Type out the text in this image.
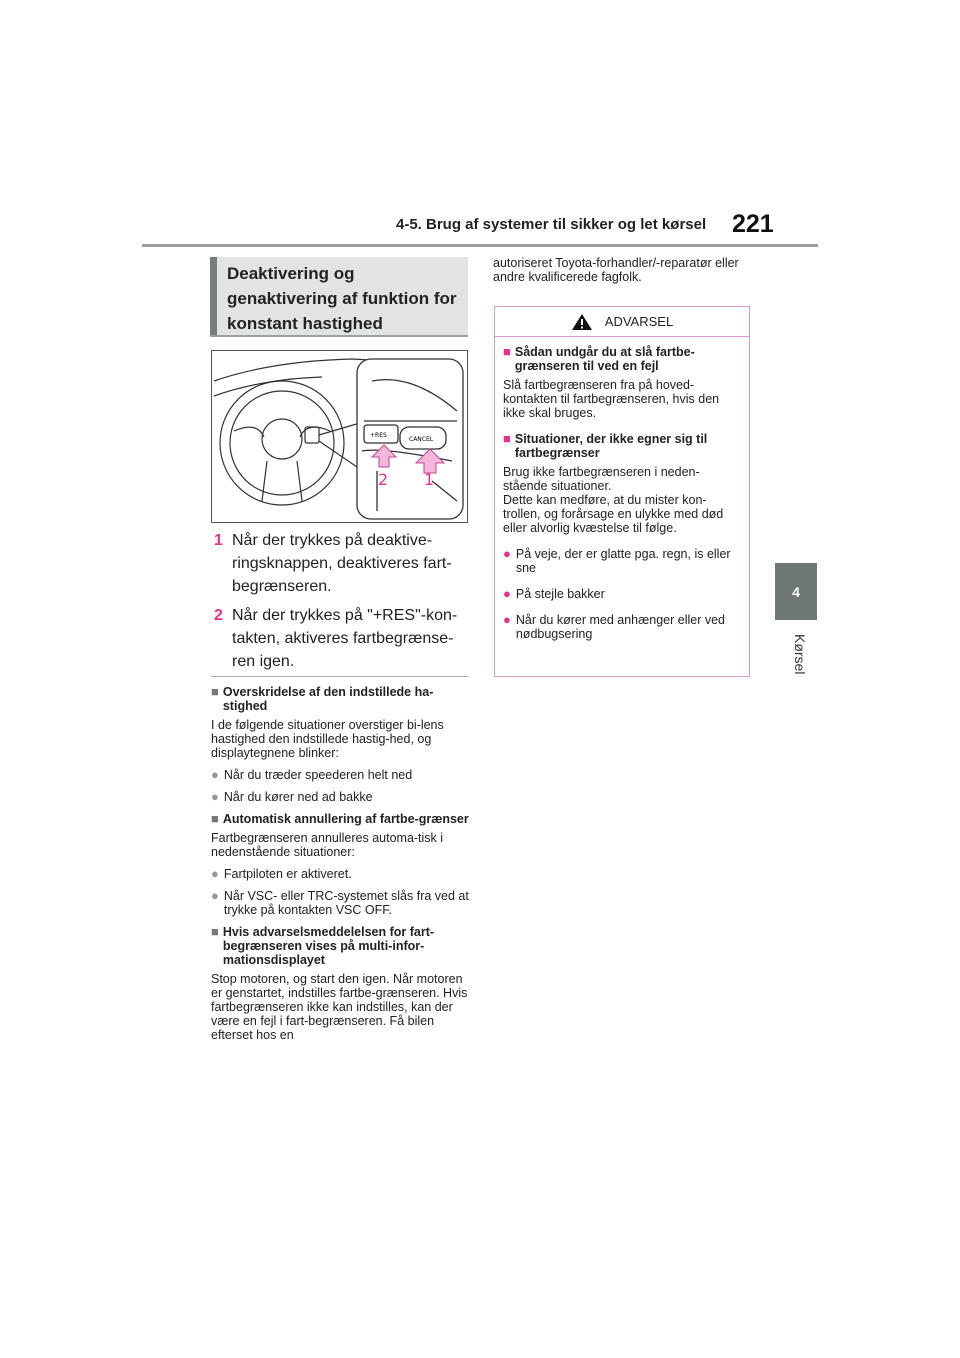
4-5. Brug af systemer til sikker og let kørsel 221
4
Kørsel
Deaktivering og genaktivering af funktion for konstant hastighed
+RES
CANCEL
2 1
1 Når der trykkes på deaktive-ringsknappen, deaktiveres fart-begrænseren.
2 Når der trykkes på "+RES"-kon-takten, aktiveres fartbegrænse-ren igen.
■ Overskridelse af den indstillede ha-stighed
I de følgende situationer overstiger bi-lens hastighed den indstillede hastig-hed, og displaytegnene blinker:
● Når du træder speederen helt ned
● Når du kører ned ad bakke
■ Automatisk annullering af fartbe-grænser
Fartbegrænseren annulleres automa-tisk i nedenstående situationer:
● Fartpiloten er aktiveret.
● Når VSC- eller TRC-systemet slås fra ved at trykke på kontakten VSC OFF.
■ Hvis advarselsmeddelelsen for fart-begrænseren vises på multi-infor-mationsdisplayet
Stop motoren, og start den igen. Når motoren er genstartet, indstilles fartbe-grænseren. Hvis fartbegrænseren ikke kan indstilles, kan der være en fejl i fart-begrænseren. Få bilen efterset hos en
autoriseret Toyota-forhandler/-reparatør eller andre kvalificerede fagfolk.
ADVARSEL
■ Sådan undgår du at slå fartbe-grænseren til ved en fejl
Slå fartbegrænseren fra på hoved-kontakten til fartbegrænseren, hvis den ikke skal bruges.
■ Situationer, der ikke egner sig til fartbegrænser
Brug ikke fartbegrænseren i neden-stående situationer.
Dette kan medføre, at du mister kon-trollen, og forårsage en ulykke med død eller alvorlig kvæstelse til følge.
● På veje, der er glatte pga. regn, is eller sne
● På stejle bakker
● Når du kører med anhænger eller ved nødbugsering
